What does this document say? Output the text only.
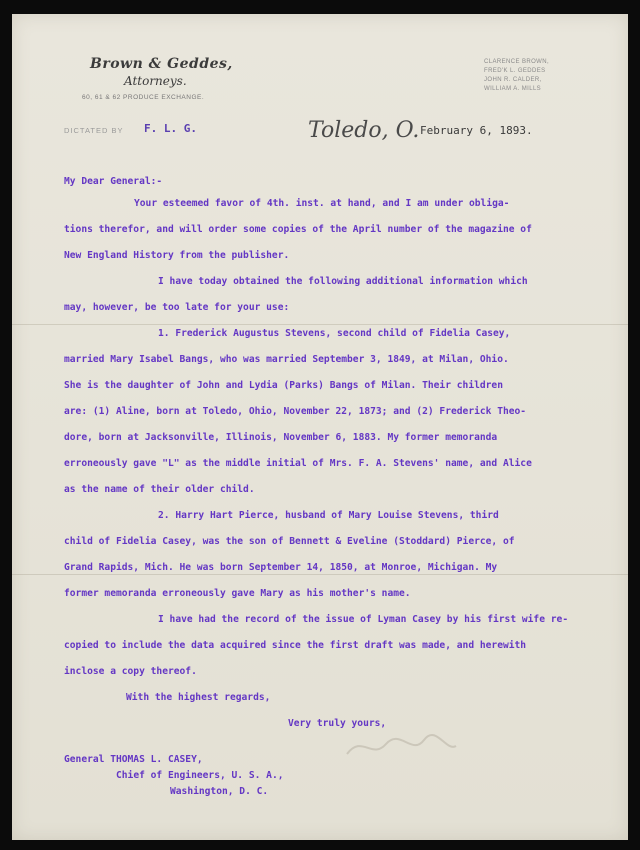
Brown & Geddes,
Attorneys.
60, 61 & 62 PRODUCE EXCHANGE.
CLARENCE BROWN,
FRED'K L. GEDDES
JOHN R. CALDER,
WILLIAM A. MILLS
DICTATED BY F. L. G.	Toledo, O. February 6, 1893.
My Dear General:-
Your esteemed favor of 4th. inst. at hand, and I am under obliga-
tions therefor, and will order some copies of the April number of the magazine of
New England History from the publisher.
I have today obtained the following additional information which
may, however, be too late for your use:
1. Frederick Augustus Stevens, second child of Fidelia Casey,
married Mary Isabel Bangs, who was married September 3, 1849, at Milan, Ohio.
She is the daughter of John and Lydia (Parks) Bangs of Milan. Their children
are: (1) Aline, born at Toledo, Ohio, November 22, 1873; and (2) Frederick Theo-
dore, born at Jacksonville, Illinois, November 6, 1883. My former memoranda
erroneously gave "L" as the middle initial of Mrs. F. A. Stevens' name, and Alice
as the name of their older child.
2. Harry Hart Pierce, husband of Mary Louise Stevens, third
child of Fidelia Casey, was the son of Bennett & Eveline (Stoddard) Pierce, of
Grand Rapids, Mich. He was born September 14, 1850, at Monroe, Michigan. My
former memoranda erroneously gave Mary as his mother's name.
I have had the record of the issue of Lyman Casey by his first wife re-
copied to include the data acquired since the first draft was made, and herewith
inclose a copy thereof.
With the highest regards,
Very truly yours,
General THOMAS L. CASEY,
Chief of Engineers, U. S. A.,
Washington, D. C.
